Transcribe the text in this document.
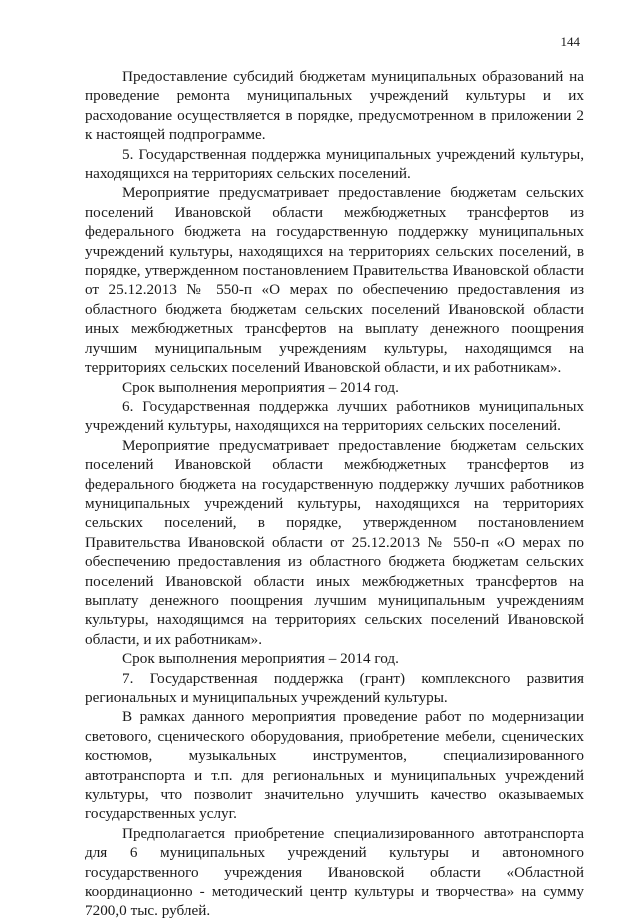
144

Предоставление субсидий бюджетам муниципальных образований на проведение ремонта муниципальных учреждений культуры и их расходование осуществляется в порядке, предусмотренном в приложении 2 к настоящей подпрограмме.

5. Государственная поддержка муниципальных учреждений культуры, находящихся на территориях сельских поселений.

Мероприятие предусматривает предоставление бюджетам сельских поселений Ивановской области межбюджетных трансфертов из федерального бюджета на государственную поддержку муниципальных учреждений культуры, находящихся на территориях сельских поселений, в порядке, утвержденном постановлением Правительства Ивановской области от 25.12.2013 № 550-п «О мерах по обеспечению предоставления из областного бюджета бюджетам сельских поселений Ивановской области иных межбюджетных трансфертов на выплату денежного поощрения лучшим муниципальным учреждениям культуры, находящимся на территориях сельских поселений Ивановской области, и их работникам».

Срок выполнения мероприятия – 2014 год.

6. Государственная поддержка лучших работников муниципальных учреждений культуры, находящихся на территориях сельских поселений.

Мероприятие предусматривает предоставление бюджетам сельских поселений Ивановской области межбюджетных трансфертов из федерального бюджета на государственную поддержку лучших работников муниципальных учреждений культуры, находящихся на территориях сельских поселений, в порядке, утвержденном постановлением Правительства Ивановской области от 25.12.2013 № 550-п «О мерах по обеспечению предоставления из областного бюджета бюджетам сельских поселений Ивановской области иных межбюджетных трансфертов на выплату денежного поощрения лучшим муниципальным учреждениям культуры, находящимся на территориях сельских поселений Ивановской области, и их работникам».

Срок выполнения мероприятия – 2014 год.

7. Государственная поддержка (грант) комплексного развития региональных и муниципальных учреждений культуры.

В рамках данного мероприятия проведение работ по модернизации светового, сценического оборудования, приобретение мебели, сценических костюмов, музыкальных инструментов, специализированного автотранспорта и т.п. для региональных и муниципальных учреждений культуры, что позволит значительно улучшить качество оказываемых государственных услуг.

Предполагается приобретение специализированного автотранспорта для 6 муниципальных учреждений культуры и автономного государственного учреждения Ивановской области «Областной координационно - методический центр культуры и творчества» на сумму 7200,0 тыс. рублей.
